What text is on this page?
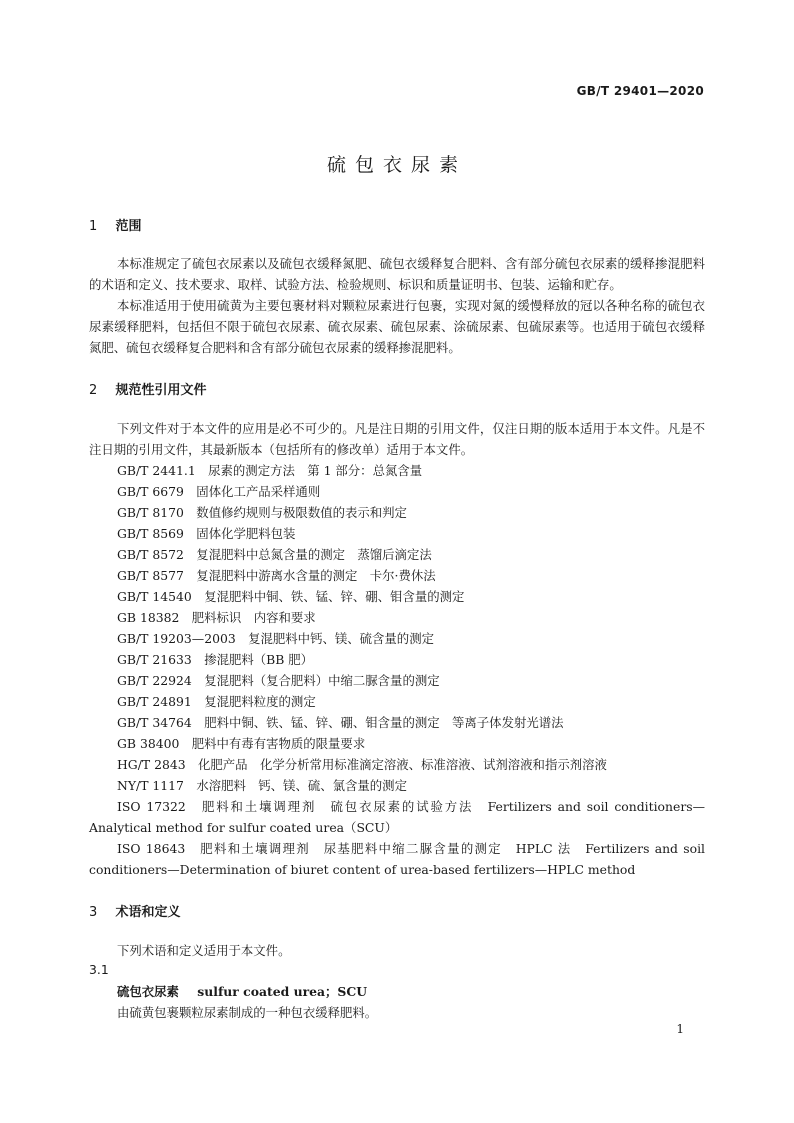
GB/T 29401—2020
硫包衣尿素
1 范围
本标准规定了硫包衣尿素以及硫包衣缓释氮肥、硫包衣缓释复合肥料、含有部分硫包衣尿素的缓释掺混肥料的术语和定义、技术要求、取样、试验方法、检验规则、标识和质量证明书、包装、运输和贮存。
本标准适用于使用硫黄为主要包裹材料对颗粒尿素进行包裹，实现对氮的缓慢释放的冠以各种名称的硫包衣尿素缓释肥料，包括但不限于硫包衣尿素、硫衣尿素、硫包尿素、涂硫尿素、包硫尿素等。也适用于硫包衣缓释氮肥、硫包衣缓释复合肥料和含有部分硫包衣尿素的缓释掺混肥料。
2 规范性引用文件
下列文件对于本文件的应用是必不可少的。凡是注日期的引用文件，仅注日期的版本适用于本文件。凡是不注日期的引用文件，其最新版本（包括所有的修改单）适用于本文件。
GB/T 2441.1　尿素的测定方法　第 1 部分：总氮含量
GB/T 6679　固体化工产品采样通则
GB/T 8170　数值修约规则与极限数值的表示和判定
GB/T 8569　固体化学肥料包装
GB/T 8572　复混肥料中总氮含量的测定　蒸馏后滴定法
GB/T 8577　复混肥料中游离水含量的测定　卡尔·费休法
GB/T 14540　复混肥料中铜、铁、锰、锌、硼、钼含量的测定
GB 18382　肥料标识　内容和要求
GB/T 19203—2003　复混肥料中钙、镁、硫含量的测定
GB/T 21633　掺混肥料（BB 肥）
GB/T 22924　复混肥料（复合肥料）中缩二脲含量的测定
GB/T 24891　复混肥料粒度的测定
GB/T 34764　肥料中铜、铁、锰、锌、硼、钼含量的测定　等离子体发射光谱法
GB 38400　肥料中有毒有害物质的限量要求
HG/T 2843　化肥产品　化学分析常用标准滴定溶液、标准溶液、试剂溶液和指示剂溶液
NY/T 1117　水溶肥料　钙、镁、硫、氯含量的测定
ISO 17322　肥料和土壤调理剂　硫包衣尿素的试验方法　Fertilizers and soil conditioners—Analytical method for sulfur coated urea（SCU）
ISO 18643　肥料和土壤调理剂　尿基肥料中缩二脲含量的测定　HPLC 法　Fertilizers and soil conditioners—Determination of biuret content of urea-based fertilizers—HPLC method
3 术语和定义
下列术语和定义适用于本文件。
3.1
硫包衣尿素 sulfur coated urea；SCU
由硫黄包裹颗粒尿素制成的一种包衣缓释肥料。
1
